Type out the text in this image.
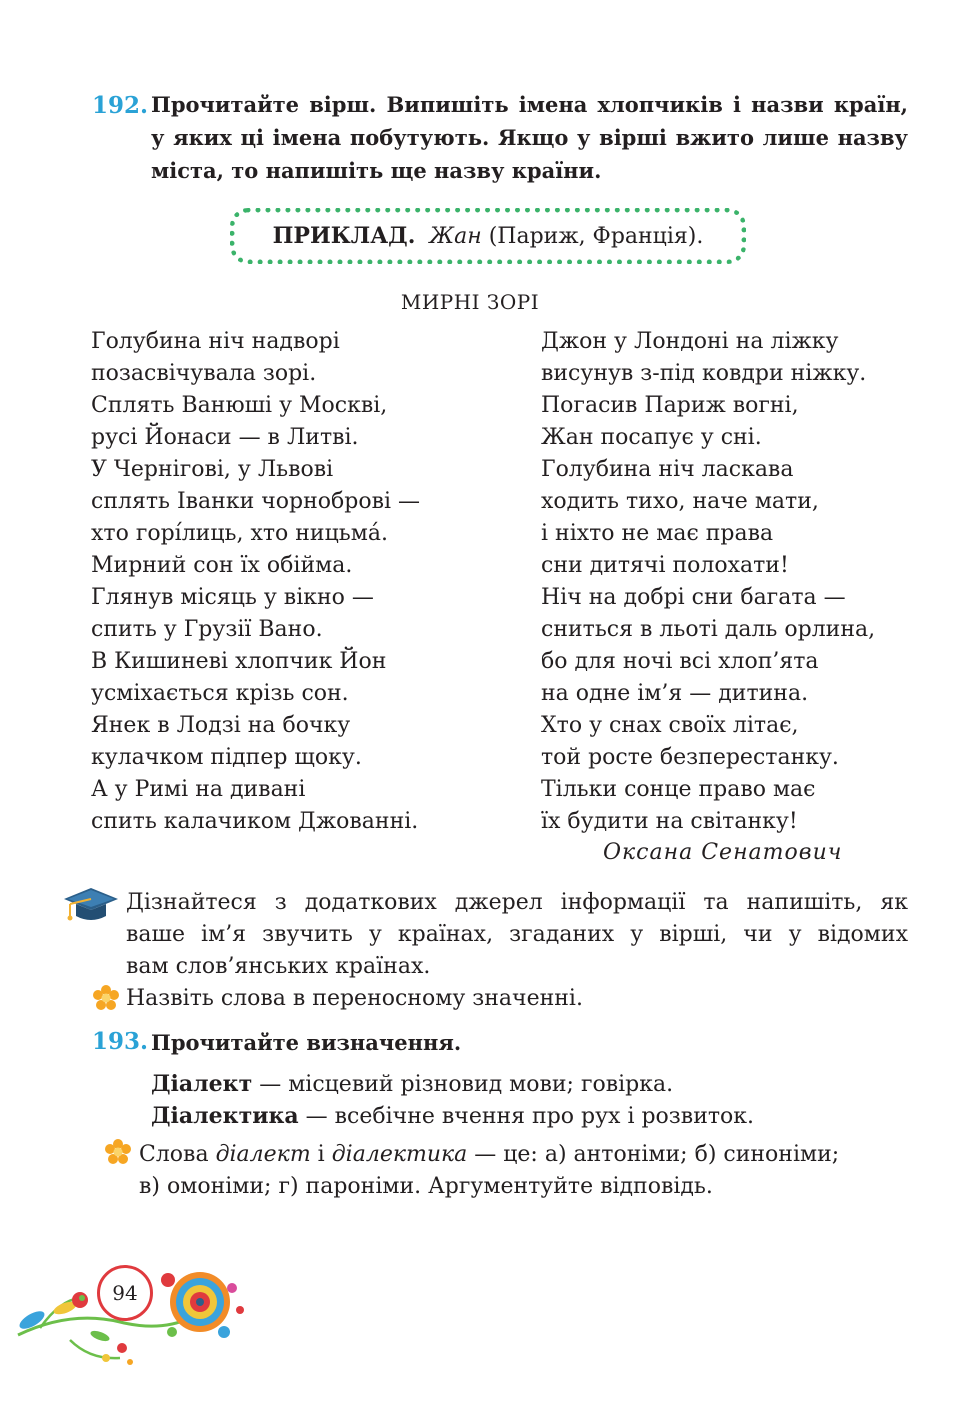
192. Прочитайте вірш. Випишіть імена хлопчиків і назви країн,
у яких ці імена побутують. Якщо у вірші вжито лише назву
міста, то напишіть ще назву країни.
ПРИКЛАД.
Жан
(Париж, Франція).
МИРНІ ЗОРІ
Голубина ніч надворі
позасвічувала зорі.
Сплять Ванюші у Москві,
русі Йонаси — в Литві.
У Чернігові, у Львові
сплять Іванки чорноброві —
хто горі́лиць, хто ницьма́.
Мирний сон їх обійма.
Глянув місяць у вікно —
спить у Грузії Вано.
В Кишиневі хлопчик Йон
усміхається крізь сон.
Янек в Лодзі на бочку
кулачком підпер щоку.
А у Римі на дивані
спить калачиком Джованні.
Джон у Лондоні на ліжку
висунув з-під ковдри ніжку.
Погасив Париж вогні,
Жан посапує у сні.
Голубина ніч ласкава
ходить тихо, наче мати,
і ніхто не має права
сни дитячі полохати!
Ніч на добрі сни багата —
сниться в льоті даль орлина,
бо для ночі всі хлоп’ята
на одне ім’я — дитина.
Хто у снах своїх літає,
той росте безперестанку.
Тільки сонце право має
їх будити на світанку!
Оксана Сенатович
Дізнайтеся з додаткових джерел інформації та напишіть, як
ваше ім’я звучить у країнах, згаданих у вірші, чи у відомих
вам слов’янських країнах.
Назвіть слова в переносному значенні.
193. Прочитайте визначення.
Діалект — місцевий різновид мови; говірка.
Діалектика — всебічне вчення про рух і розвиток.
Слова діалект і діалектика — це: а) антоніми; б) синоніми;
в) омоніми; г) пароніми. Аргументуйте відповідь.
94
